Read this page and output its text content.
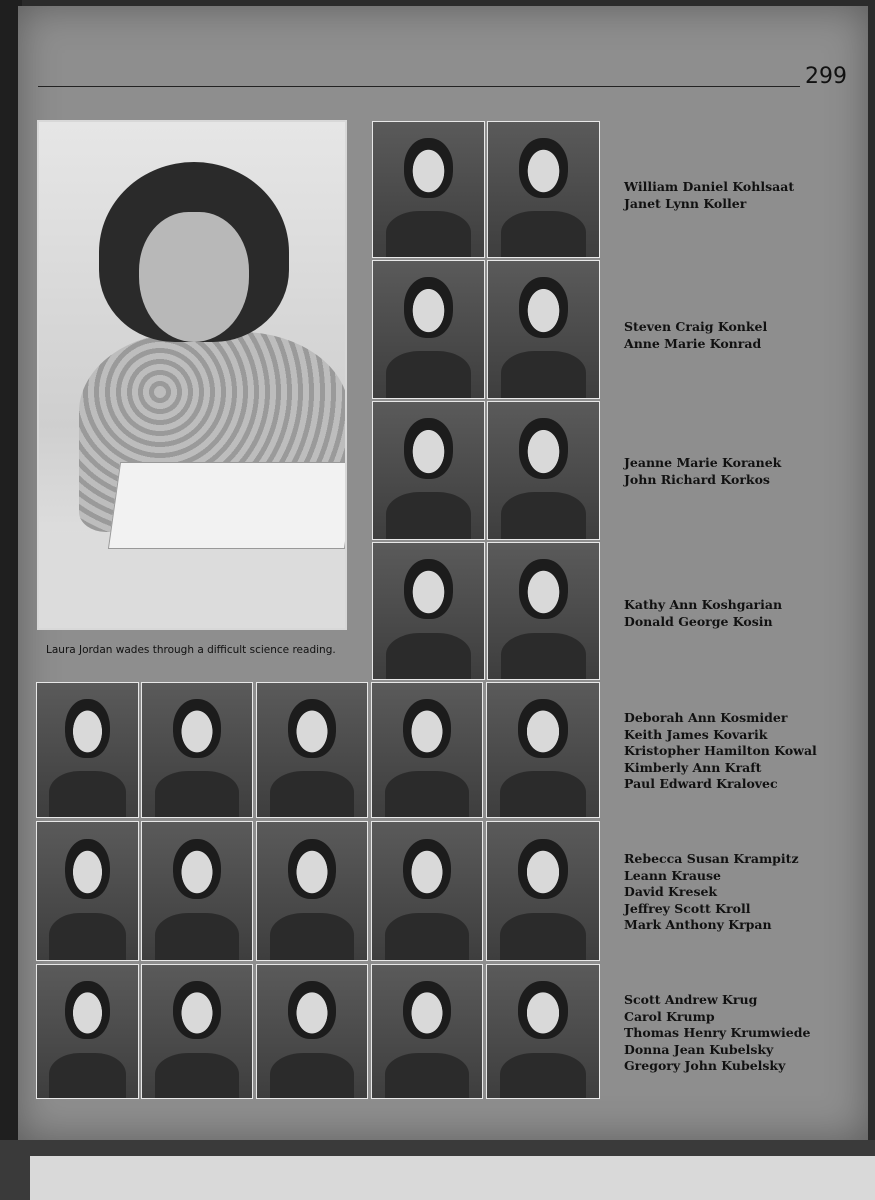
299
Laura Jordan wades through a difficult science reading.
William Daniel Kohlsaat
Janet Lynn Koller
Steven Craig Konkel
Anne Marie Konrad
Jeanne Marie Koranek
John Richard Korkos
Kathy Ann Koshgarian
Donald George Kosin
Deborah Ann Kosmider
Keith James Kovarik
Kristopher Hamilton Kowal
Kimberly Ann Kraft
Paul Edward Kralovec
Rebecca Susan Krampitz
Leann Krause
David Kresek
Jeffrey Scott Kroll
Mark Anthony Krpan
Scott Andrew Krug
Carol Krump
Thomas Henry Krumwiede
Donna Jean Kubelsky
Gregory John Kubelsky
